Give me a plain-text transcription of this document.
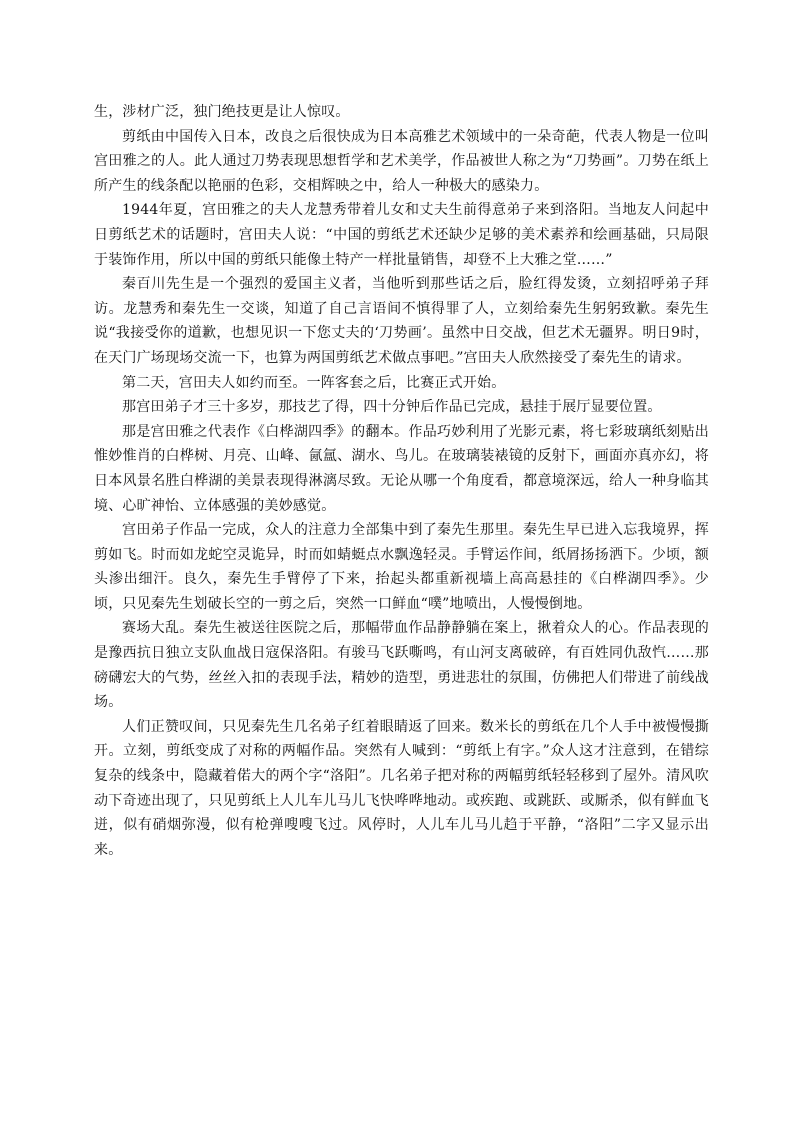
生，涉材广泛，独门绝技更是让人惊叹。

剪纸由中国传入日本，改良之后很快成为日本高雅艺术领域中的一朵奇葩，代表人物是一位叫宫田雅之的人。此人通过刀势表现思想哲学和艺术美学，作品被世人称之为“刀势画”。刀势在纸上所产生的线条配以艳丽的色彩，交相辉映之中，给人一种极大的感染力。

1944年夏，宫田雅之的夫人龙慧秀带着儿女和丈夫生前得意弟子来到洛阳。当地友人问起中日剪纸艺术的话题时，宫田夫人说：“中国的剪纸艺术还缺少足够的美术素养和绘画基础，只局限于装饰作用，所以中国的剪纸只能像土特产一样批量销售，却登不上大雅之堂……”

秦百川先生是一个强烈的爱国主义者，当他听到那些话之后，脸红得发烫，立刻招呼弟子拜访。龙慧秀和秦先生一交谈，知道了自己言语间不慎得罪了人，立刻给秦先生躬躬致歉。秦先生说“我接受你的道歉，也想见识一下您丈夫的‘刀势画’。虽然中日交战，但艺术无疆界。明日9时，在天门广场现场交流一下，也算为两国剪纸艺术做点事吧。”宫田夫人欣然接受了秦先生的请求。

第二天，宫田夫人如约而至。一阵客套之后，比赛正式开始。

那宫田弟子才三十多岁，那技艺了得，四十分钟后作品已完成，悬挂于展厅显要位置。

那是宫田雅之代表作《白桦湖四季》的翻本。作品巧妙利用了光影元素，将七彩玻璃纸刻贴出惟妙惟肖的白桦树、月亮、山峰、氤氲、湖水、鸟儿。在玻璃装裱镜的反射下，画面亦真亦幻，将日本风景名胜白桦湖的美景表现得淋漓尽致。无论从哪一个角度看，都意境深远，给人一种身临其境、心旷神怡、立体感强的美妙感觉。

宫田弟子作品一完成，众人的注意力全部集中到了秦先生那里。秦先生早已进入忘我境界，挥剪如飞。时而如龙蛇空灵诡异，时而如蜻蜓点水飘逸轻灵。手臂运作间，纸屑扬扬洒下。少顷，额头渗出细汗。良久，秦先生手臂停了下来，抬起头都重新视墙上高高悬挂的《白桦湖四季》。少顷，只见秦先生划破长空的一剪之后，突然一口鲜血“噗”地喷出，人慢慢倒地。

赛场大乱。秦先生被送往医院之后，那幅带血作品静静躺在案上，揪着众人的心。作品表现的是豫西抗日独立支队血战日寇保洛阳。有骏马飞跃嘶鸣，有山河支离破碎，有百姓同仇敌忾……那磅礴宏大的气势，丝丝入扣的表现手法，精妙的造型，勇进悲壮的氛围，仿佛把人们带进了前线战场。

人们正赞叹间，只见秦先生几名弟子红着眼睛返了回来。数米长的剪纸在几个人手中被慢慢撕开。立刻，剪纸变成了对称的两幅作品。突然有人喊到：“剪纸上有字。”众人这才注意到，在错综复杂的线条中，隐藏着偌大的两个字“洛阳”。几名弟子把对称的两幅剪纸轻轻移到了屋外。清风吹动下奇迹出现了，只见剪纸上人儿车儿马儿飞快哗哗地动。或疾跑、或跳跃、或厮杀，似有鲜血飞迸，似有硝烟弥漫，似有枪弹嗖嗖飞过。风停时，人儿车儿马儿趋于平静，“洛阳”二字又显示出来。
